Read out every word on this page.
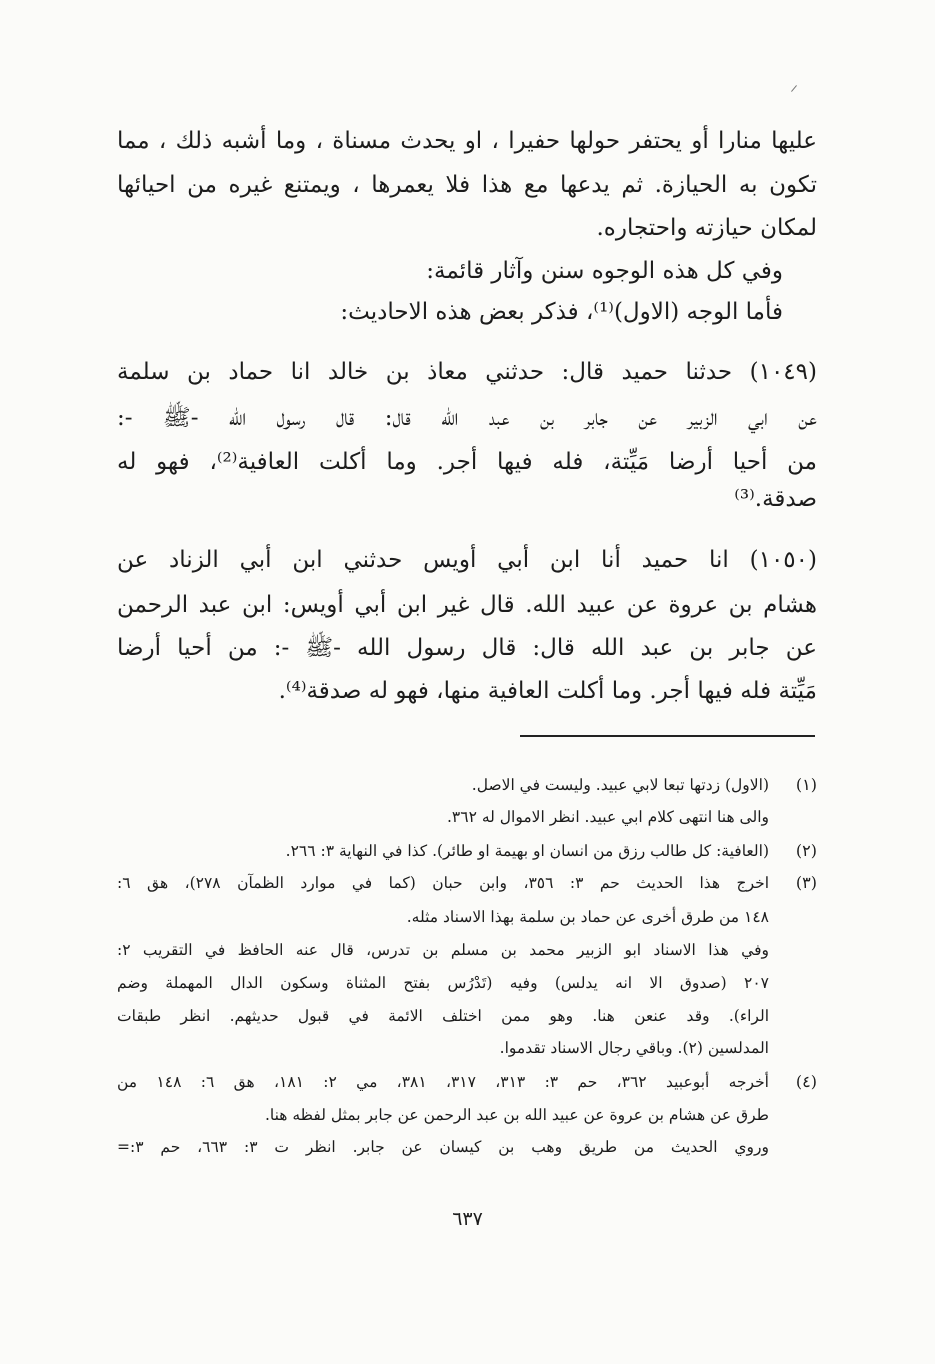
عليها منارا أو يحتفر حولها حفيرا ، او يحدث مسناة ، وما أشبه ذلك ، مما
تكون به الحيازة. ثم يدعها مع هذا فلا يعمرها ، ويمتنع غيره من احيائها
لمكان حيازته واحتجاره.
وفي كل هذه الوجوه سنن وآثار قائمة:
فأما الوجه (الاول)⁽¹⁾، فذكر بعض هذه الاحاديث:
(١٠٤٩) حدثنا حميد قال: حدثني معاذ بن خالد انا حماد بن سلمة
عن ابي الزبير عن جابر بن عبد الله قال: قال رسول الله -ﷺ -:
من أحيا أرضا مَيِّتة، فله فيها أجر. وما أكلت العافية⁽²⁾، فهو له
صدقة.⁽³⁾
(١٠٥٠) انا حميد أنا ابن أبي أويس حدثني ابن أبي الزناد عن
هشام بن عروة عن عبيد الله. قال غير ابن أبي أويس: ابن عبد الرحمن
عن جابر بن عبد الله قال: قال رسول الله -ﷺ -: من أحيا أرضا
مَيِّتة فله فيها أجر. وما أكلت العافية منها، فهو له صدقة⁽⁴⁾.
(١)
(الاول) زدتها تبعا لابي عبيد. وليست في الاصل.
والى هنا انتهى كلام ابي عبيد. انظر الاموال له ٣٦٢.
(٢)
(العافية: كل طالب رزق من انسان او بهيمة او طائر). كذا في النهاية ٣: ٢٦٦.
(٣)
اخرج هذا الحديث حم ٣: ٣٥٦، وابن حبان (كما في موارد الظمآن ٢٧٨)، هق ٦:
١٤٨ من طرق أخرى عن حماد بن سلمة بهذا الاسناد مثله.
وفي هذا الاسناد ابو الزبير محمد بن مسلم بن تدرس، قال عنه الحافظ في التقريب ٢:
٢٠٧ (صدوق الا انه يدلس) وفيه (تَدْرُس بفتح المثناة وسكون الدال المهملة وضم
الراء). وقد عنعن هنا. وهو ممن اختلف الائمة في قبول حديثهم. انظر طبقات
المدلسين (٢). وباقي رجال الاسناد تقدموا.
(٤)
أخرجه أبوعبيد ٣٦٢، حم ٣: ٣١٣، ٣١٧، ٣٨١، مي ٢: ١٨١، هق ٦: ١٤٨ من
طرق عن هشام بن عروة عن عبيد الله بن عبد الرحمن عن جابر بمثل لفظه هنا.
وروي الحديث من طريق وهب بن كيسان عن جابر. انظر ت ٣: ٦٦٣، حم ٣:=
٦٣٧
